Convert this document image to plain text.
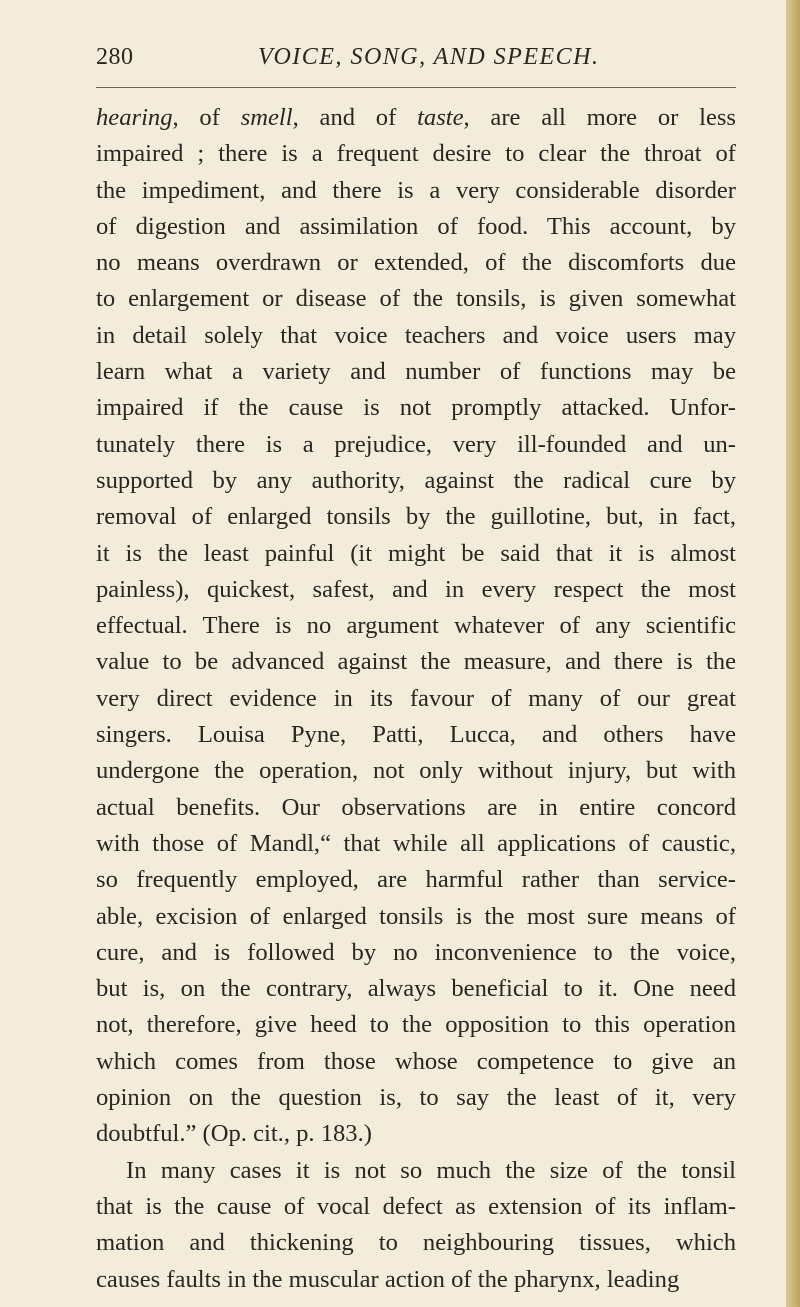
280	VOICE, SONG, AND SPEECH.
hearing, of smell, and of taste, are all more or less
impaired ; there is a frequent desire to clear the throat of
the impediment, and there is a very considerable disorder
of digestion and assimilation of food. This account, by
no means overdrawn or extended, of the discomforts due
to enlargement or disease of the tonsils, is given somewhat
in detail solely that voice teachers and voice users may
learn what a variety and number of functions may be
impaired if the cause is not promptly attacked. Unfor-
tunately there is a prejudice, very ill-founded and un-
supported by any authority, against the radical cure by
removal of enlarged tonsils by the guillotine, but, in fact,
it is the least painful (it might be said that it is almost
painless), quickest, safest, and in every respect the most
effectual. There is no argument whatever of any scientific
value to be advanced against the measure, and there is the
very direct evidence in its favour of many of our great
singers. Louisa Pyne, Patti, Lucca, and others have
undergone the operation, not only without injury, but with
actual benefits. Our observations are in entire concord
with those of Mandl,“ that while all applications of caustic,
so frequently employed, are harmful rather than service-
able, excision of enlarged tonsils is the most sure means of
cure, and is followed by no inconvenience to the voice,
but is, on the contrary, always beneficial to it. One need
not, therefore, give heed to the opposition to this operation
which comes from those whose competence to give an
opinion on the question is, to say the least of it, very
doubtful.” (Op. cit., p. 183.)
In many cases it is not so much the size of the tonsil
that is the cause of vocal defect as extension of its inflam-
mation and thickening to neighbouring tissues, which
causes faults in the muscular action of the pharynx, leading
